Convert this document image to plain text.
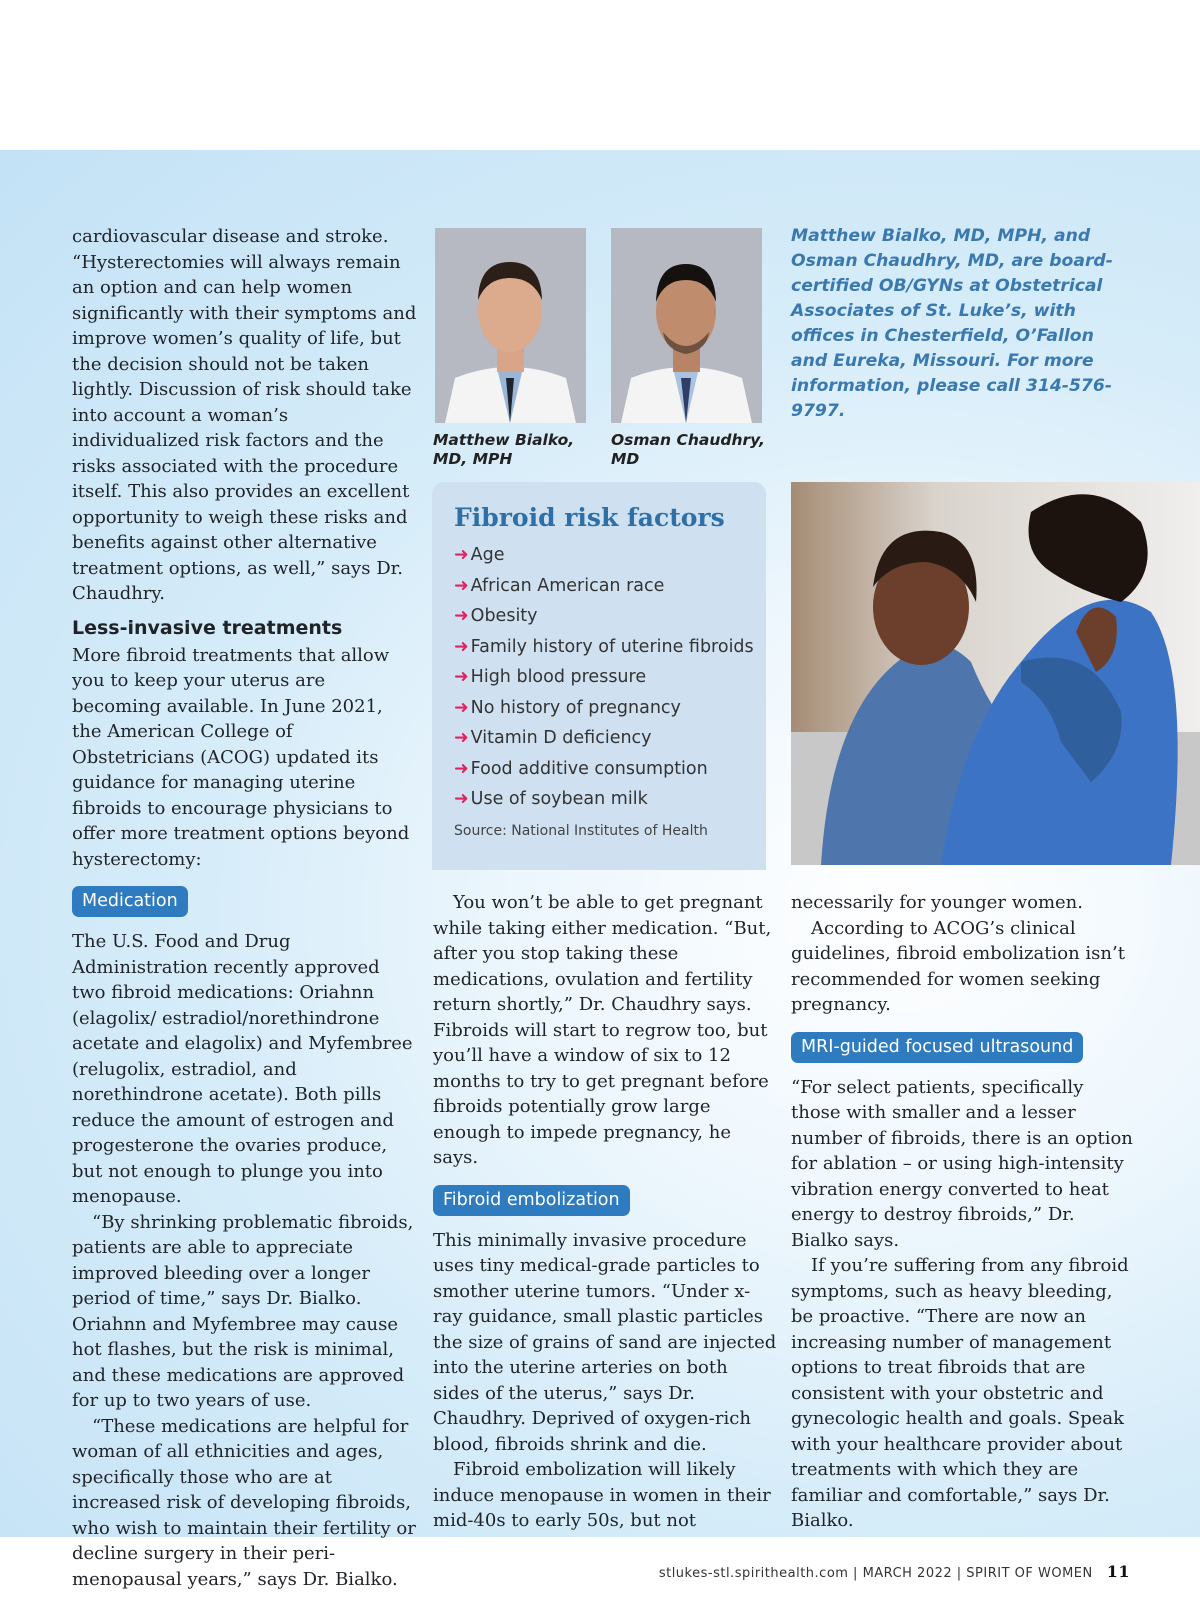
cardiovascular disease and stroke. “Hysterectomies will always remain an option and can help women significantly with their symptoms and improve women’s quality of life, but the decision should not be taken lightly. Discussion of risk should take into account a woman’s individualized risk factors and the risks associated with the procedure itself. This also provides an excellent opportunity to weigh these risks and benefits against other alternative treatment options, as well,” says Dr. Chaudhry.

Less-invasive treatments

More fibroid treatments that allow you to keep your uterus are becoming available. In June 2021, the American College of Obstetricians (ACOG) updated its guidance for managing uterine fibroids to encourage physicians to offer more treatment options beyond hysterectomy:

Medication

The U.S. Food and Drug Administration recently approved two fibroid medications: Oriahnn (elagolix/ estradiol/norethindrone acetate and elagolix) and Myfembree (relugolix, estradiol, and norethindrone acetate). Both pills reduce the amount of estrogen and progesterone the ovaries produce, but not enough to plunge you into menopause.

“By shrinking problematic fibroids, patients are able to appreciate improved bleeding over a longer period of time,” says Dr. Bialko. Oriahnn and Myfembree may cause hot flashes, but the risk is minimal, and these medications are approved for up to two years of use.

“These medications are helpful for woman of all ethnicities and ages, specifically those who are at increased risk of developing fibroids, who wish to maintain their fertility or decline surgery in their peri-menopausal years,” says Dr. Bialko.

Matthew Bialko, MD, MPH
Osman Chaudhry, MD
Matthew Bialko, MD, MPH, and Osman Chaudhry, MD, are board-certified OB/GYNs at Obstetrical Associates of St. Luke’s, with offices in Chesterfield, O’Fallon and Eureka, Missouri. For more information, please call 314-576-9797.
Fibroid risk factors
➜ Age
➜ African American race
➜ Obesity
➜ Family history of uterine fibroids
➜ High blood pressure
➜ No history of pregnancy
➜ Vitamin D deficiency
➜ Food additive consumption
➜ Use of soybean milk
Source: National Institutes of Health

You won’t be able to get pregnant while taking either medication. “But, after you stop taking these medications, ovulation and fertility return shortly,” Dr. Chaudhry says. Fibroids will start to regrow too, but you’ll have a window of six to 12 months to try to get pregnant before fibroids potentially grow large enough to impede pregnancy, he says.

Fibroid embolization

This minimally invasive procedure uses tiny medical-grade particles to smother uterine tumors. “Under x-ray guidance, small plastic particles the size of grains of sand are injected into the uterine arteries on both sides of the uterus,” says Dr. Chaudhry. Deprived of oxygen-rich blood, fibroids shrink and die.

Fibroid embolization will likely induce menopause in women in their mid-40s to early 50s, but not

necessarily for younger women.

According to ACOG’s clinical guidelines, fibroid embolization isn’t recommended for women seeking pregnancy.

MRI-guided focused ultrasound

“For select patients, specifically those with smaller and a lesser number of fibroids, there is an option for ablation – or using high-intensity vibration energy converted to heat energy to destroy fibroids,” Dr. Bialko says.

If you’re suffering from any fibroid symptoms, such as heavy bleeding, be proactive. “There are now an increasing number of management options to treat fibroids that are consistent with your obstetric and gynecologic health and goals. Speak with your healthcare provider about treatments with which they are familiar and comfortable,” says Dr. Bialko.

stlukes-stl.spirithealth.com | MARCH 2022 | SPIRIT OF WOMEN 11
